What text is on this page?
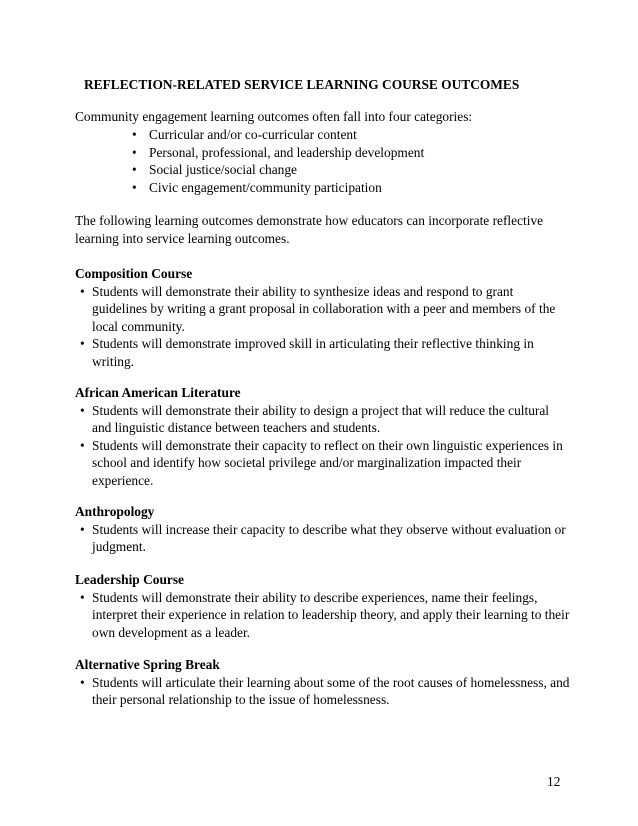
REFLECTION-RELATED SERVICE LEARNING COURSE OUTCOMES
Community engagement learning outcomes often fall into four categories:
• Curricular and/or co-curricular content
• Personal, professional, and leadership development
• Social justice/social change
• Civic engagement/community participation
The following learning outcomes demonstrate how educators can incorporate reflective learning into service learning outcomes.
Composition Course
• Students will demonstrate their ability to synthesize ideas and respond to grant guidelines by writing a grant proposal in collaboration with a peer and members of the local community.
• Students will demonstrate improved skill in articulating their reflective thinking in writing.
African American Literature
• Students will demonstrate their ability to design a project that will reduce the cultural and linguistic distance between teachers and students.
• Students will demonstrate their capacity to reflect on their own linguistic experiences in school and identify how societal privilege and/or marginalization impacted their experience.
Anthropology
• Students will increase their capacity to describe what they observe without evaluation or judgment.
Leadership Course
• Students will demonstrate their ability to describe experiences, name their feelings, interpret their experience in relation to leadership theory, and apply their learning to their own development as a leader.
Alternative Spring Break
• Students will articulate their learning about some of the root causes of homelessness, and their personal relationship to the issue of homelessness.
12
